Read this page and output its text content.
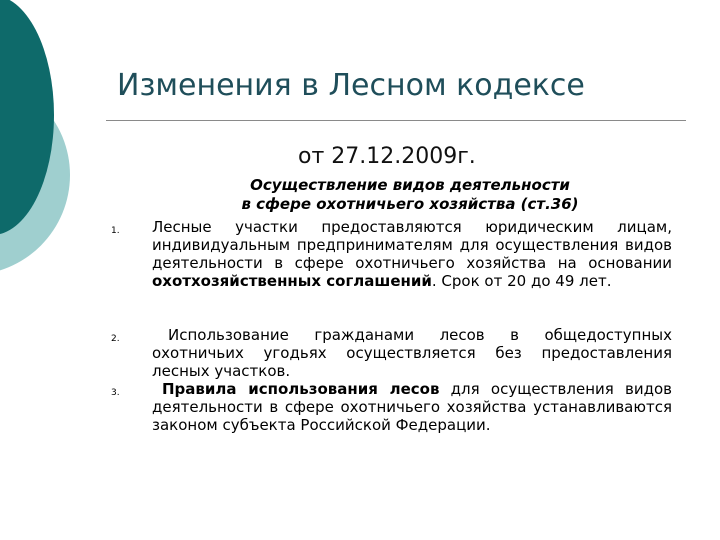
Изменения в Лесном кодексе
от 27.12.2009г.
Осуществление видов деятельности
в сфере охотничьего хозяйства (ст.36)
1.	Лесные участки предоставляются юридическим лицам, индивидуальным предпринимателям для осуществления видов деятельности в сфере охотничьего хозяйства на основании охотхозяйственных соглашений. Срок от 20 до 49 лет.
2.	Использование гражданами лесов в общедоступных охотничьих угодьях осуществляется без предоставления лесных участков.
3.	Правила использования лесов для осуществления видов деятельности в сфере охотничьего хозяйства устанавливаются законом субъекта Российской Федерации.
